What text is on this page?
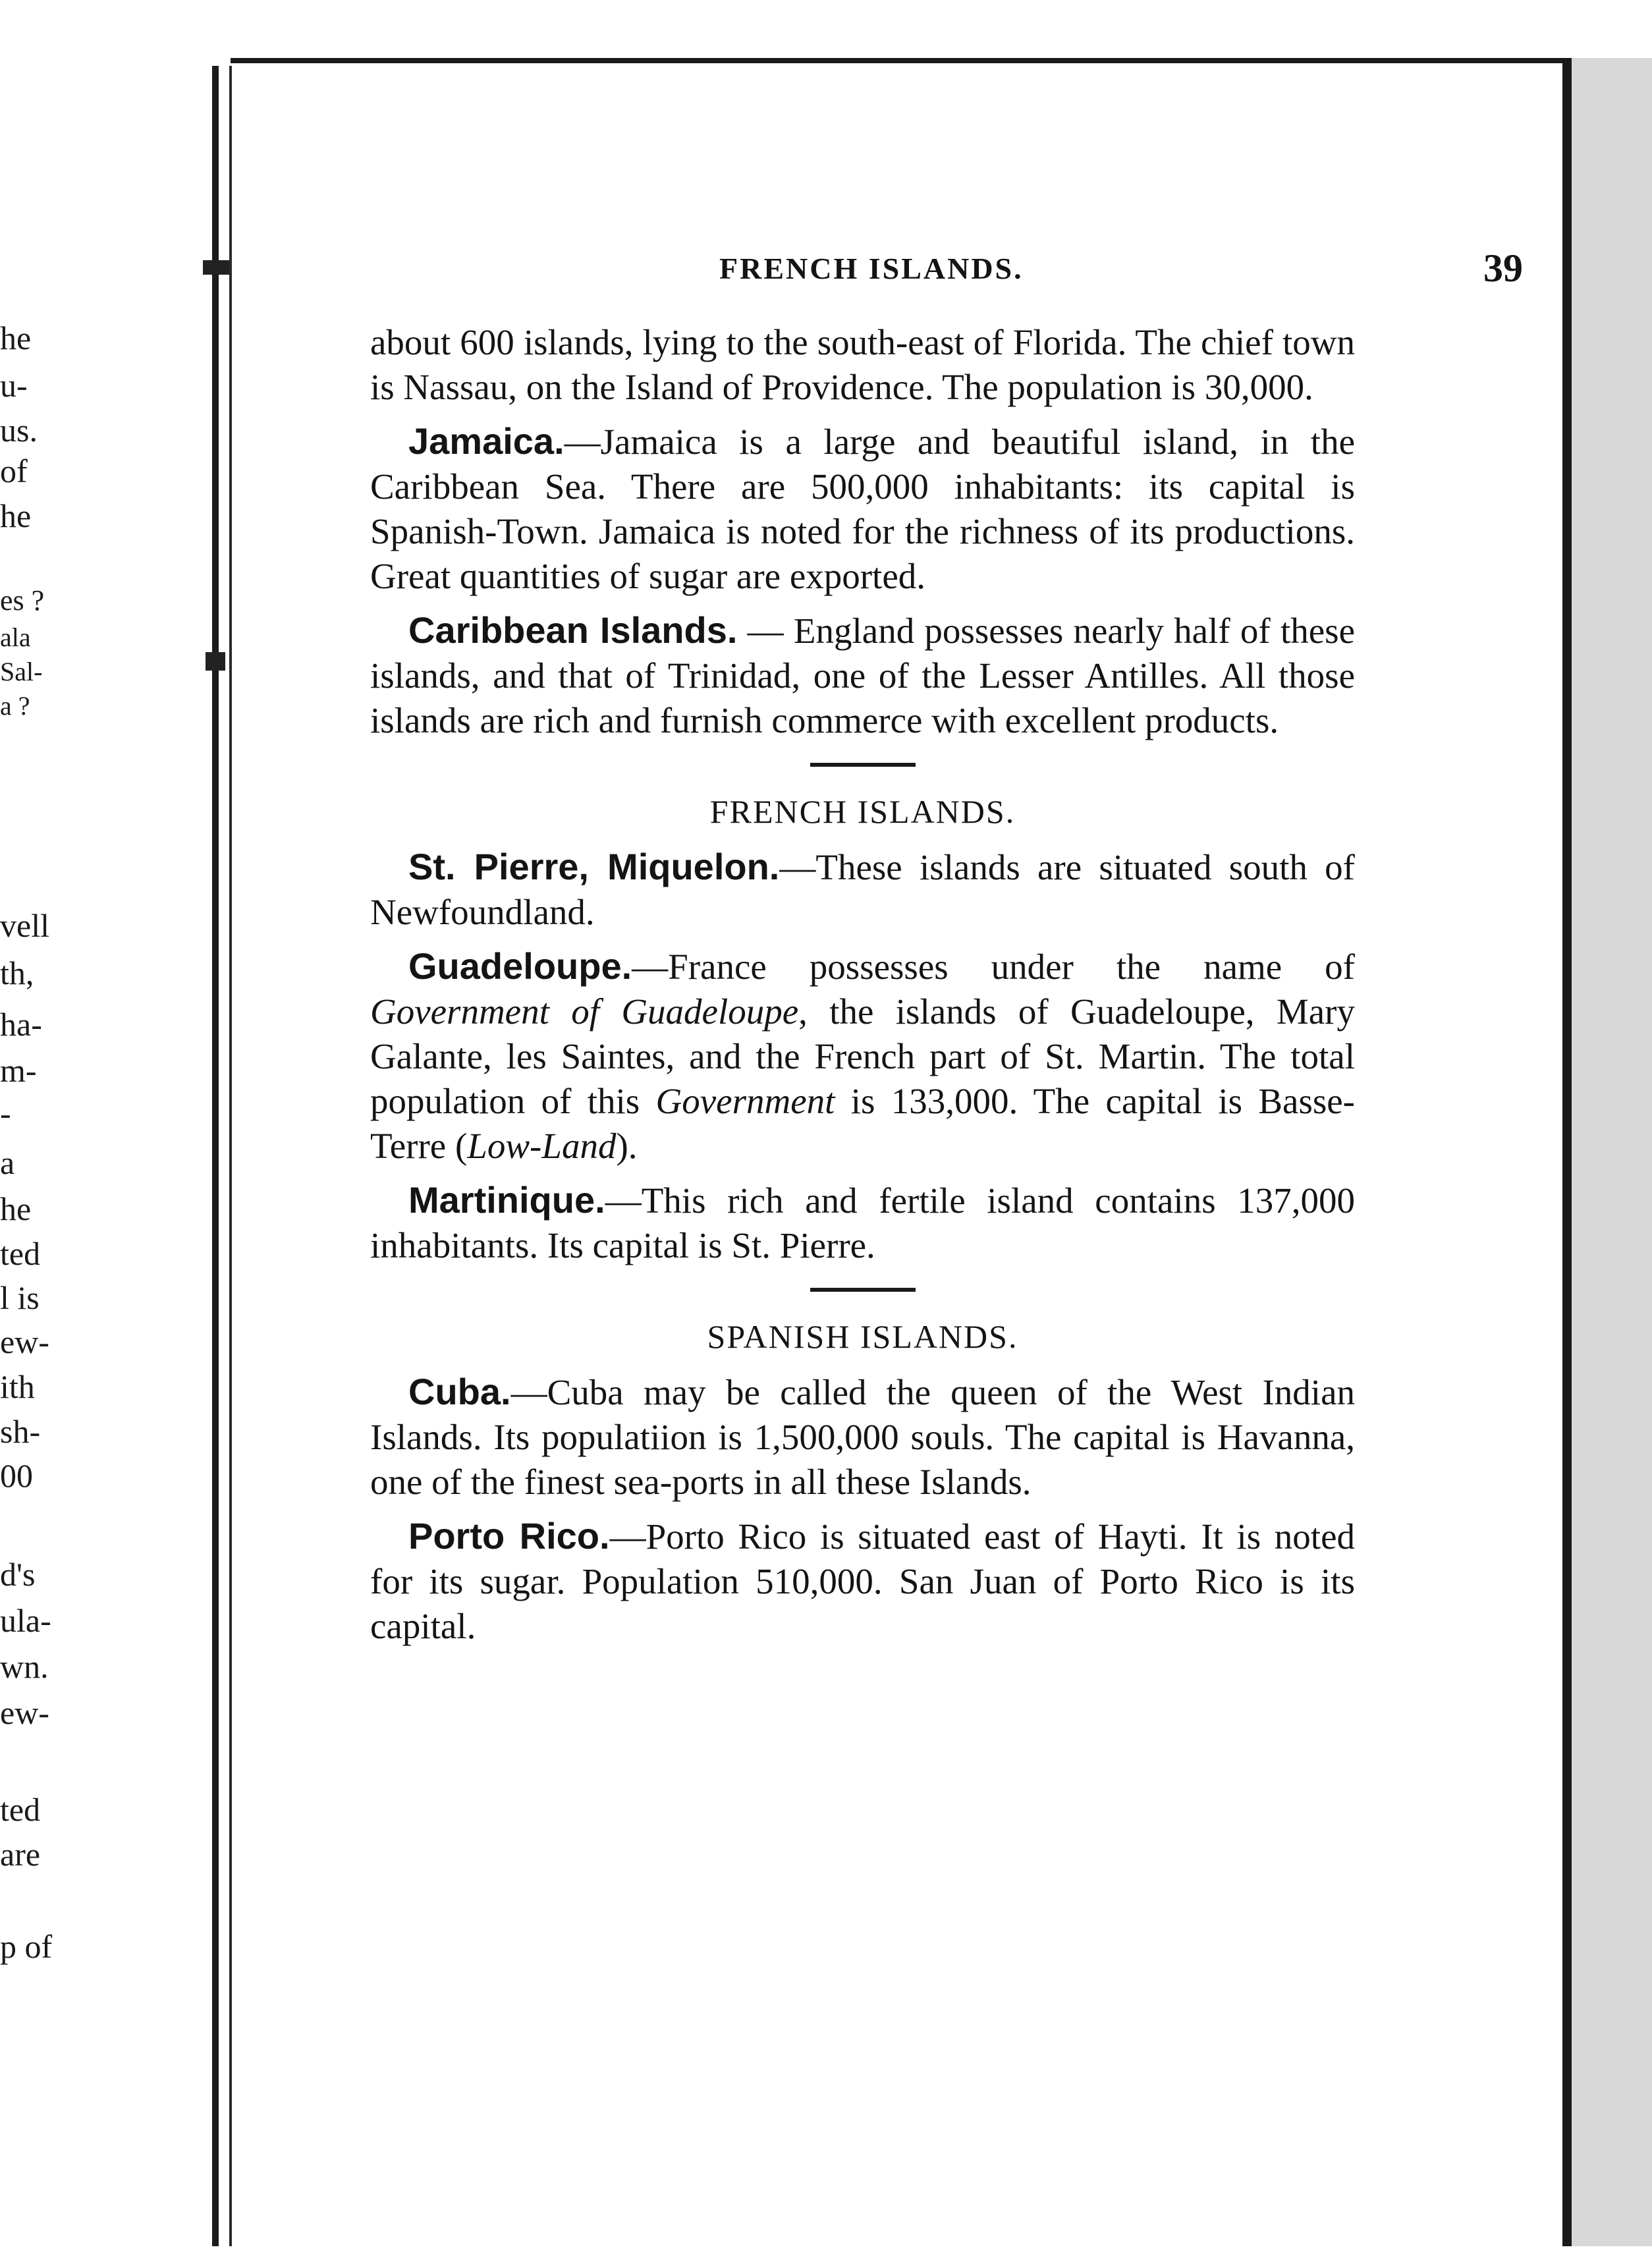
he
u-
us.
of
he
es ?
ala
Sal-
a ?
vell
th,
ha-
m-
-
a
he
ted
l is
ew-
ith
sh-
00
d's
ula-
wn.
ew-
ted
are
p of
FRENCH ISLANDS.	39

about 600 islands, lying to the south-east of Florida. The chief town is Nassau, on the Island of Providence. The population is 30,000.

Jamaica.—Jamaica is a large and beautiful island, in the Caribbean Sea. There are 500,000 inhabitants: its capital is Spanish-Town. Jamaica is noted for the richness of its productions. Great quantities of sugar are exported.

Caribbean Islands. — England possesses nearly half of these islands, and that of Trinidad, one of the Lesser Antilles. All those islands are rich and furnish commerce with excellent products.

FRENCH ISLANDS.

St. Pierre, Miquelon.—These islands are situated south of Newfoundland.

Guadeloupe.—France possesses under the name of Government of Guadeloupe, the islands of Guadeloupe, Mary Galante, les Saintes, and the French part of St. Martin. The total population of this Government is 133,000. The capital is Basse-Terre (Low-Land).

Martinique.—This rich and fertile island contains 137,000 inhabitants. Its capital is St. Pierre.

SPANISH ISLANDS.

Cuba.—Cuba may be called the queen of the West Indian Islands. Its populatiion is 1,500,000 souls. The capital is Havanna, one of the finest sea-ports in all these Islands.

Porto Rico.—Porto Rico is situated east of Hayti. It is noted for its sugar. Population 510,000. San Juan of Porto Rico is its capital.
